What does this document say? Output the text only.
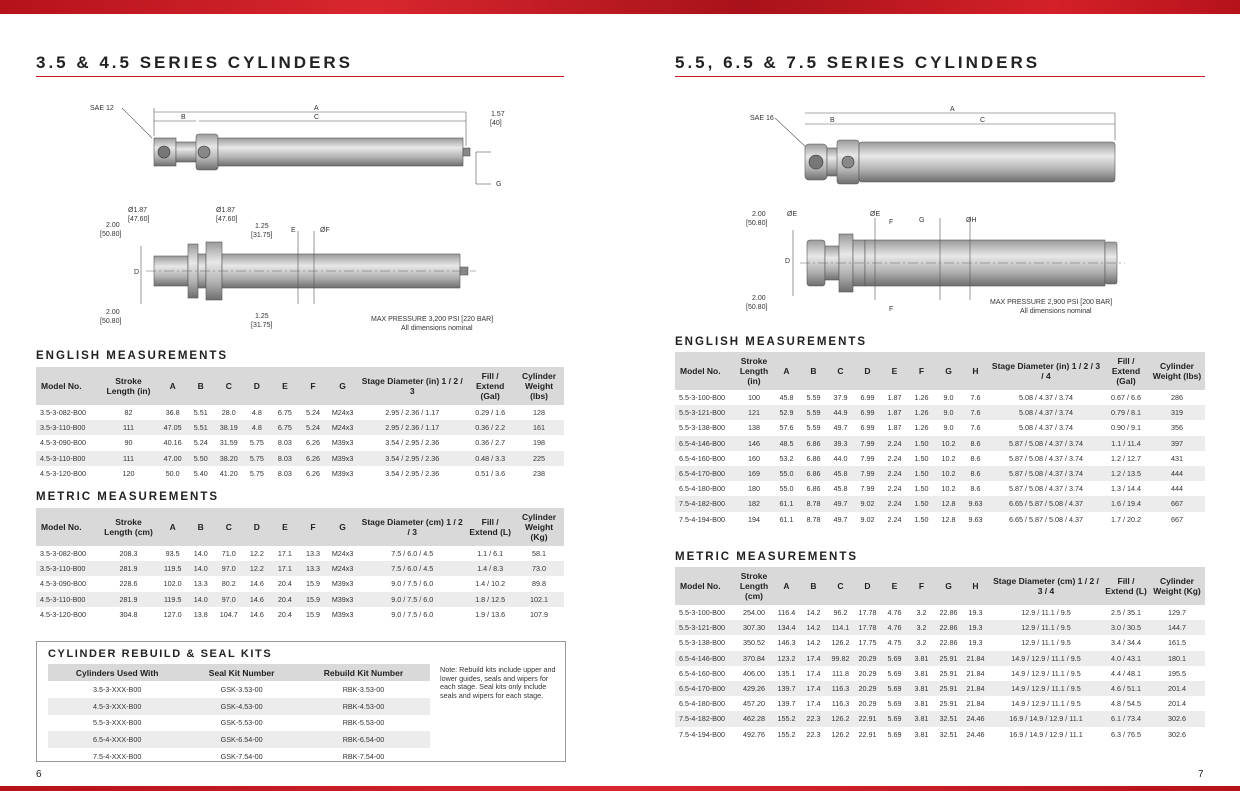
3.5 & 4.5 SERIES CYLINDERS
SAE 12	A
B	C	1.57
[40]
G
Ø1.87
[47.60]
Ø1.87
[47.60]
1.25
[31.75]
E	ØF
2.00
[50.80]
D
2.00
[50.80]
1.25
[31.75]
MAX PRESSURE 3,200 PSI [220 BAR]
All dimensions nominal
ENGLISH MEASUREMENTS
Model No.	Stroke Length (in)	A	B	C	D	E	F	G	Stage Diameter (in) 1 / 2 / 3	Fill / Extend (Gal)	Cylinder Weight (lbs)
3.5-3-082-B00	82	36.8	5.51	28.0	4.8	6.75	5.24	M24x3	2.95 / 2.36 / 1.17	0.29 / 1.6	128
3.5-3-110-B00	111	47.05	5.51	38.19	4.8	6.75	5.24	M24x3	2.95 / 2.36 / 1.17	0.36 / 2.2	161
4.5-3-090-B00	90	40.16	5.24	31.59	5.75	8.03	6.26	M39x3	3.54 / 2.95 / 2.36	0.36 / 2.7	198
4.5-3-110-B00	111	47.00	5.50	38.20	5.75	8.03	6.26	M39x3	3.54 / 2.95 / 2.36	0.48 / 3.3	225
4.5-3-120-B00	120	50.0	5.40	41.20	5.75	8.03	6.26	M39x3	3.54 / 2.95 / 2.36	0.51 / 3.6	238
METRIC MEASUREMENTS
Model No.	Stroke Length (cm)	A	B	C	D	E	F	G	Stage Diameter (cm) 1 / 2 / 3	Fill / Extend (L)	Cylinder Weight (Kg)
3.5-3-082-B00	208.3	93.5	14.0	71.0	12.2	17.1	13.3	M24x3	7.5 / 6.0 / 4.5	1.1 / 6.1	58.1
3.5-3-110-B00	281.9	119.5	14.0	97.0	12.2	17.1	13.3	M24x3	7.5 / 6.0 / 4.5	1.4 / 8.3	73.0
4.5-3-090-B00	228.6	102.0	13.3	80.2	14.6	20.4	15.9	M39x3	9.0 / 7.5 / 6.0	1.4 / 10.2	89.8
4.5-3-110-B00	281.9	119.5	14.0	97.0	14.6	20.4	15.9	M39x3	9.0 / 7.5 / 6.0	1.8 / 12.5	102.1
4.5-3-120-B00	304.8	127.0	13.8	104.7	14.6	20.4	15.9	M39x3	9.0 / 7.5 / 6.0	1.9 / 13.6	107.9
CYLINDER REBUILD & SEAL KITS
Cylinders Used With	Seal Kit Number	Rebuild Kit Number
3.5-3-XXX-B00	GSK-3.53-00	RBK-3.53-00
4.5-3-XXX-B00	GSK-4.53-00	RBK-4.53-00
5.5-3-XXX-B00	GSK-5.53-00	RBK-5.53-00
6.5-4-XXX-B00	GSK-6.54-00	RBK-6.54-00
7.5-4-XXX-B00	GSK-7.54-00	RBK-7.54-00
Note: Rebuild kits include upper and lower guides, seals and wipers for each stage. Seal kits only include seals and wipers for each stage.
6
5.5, 6.5 & 7.5 SERIES CYLINDERS
SAE 16
A
B	C
2.00
[50.80]
ØE	ØE
F	G	ØH
D
2.00
[50.80]	F
MAX PRESSURE 2,900 PSI [200 BAR]
All dimensions nominal
ENGLISH MEASUREMENTS
Model No.	Stroke Length (in)	A	B	C	D	E	F	G	H	Stage Diameter (in) 1 / 2 / 3 / 4	Fill / Extend (Gal)	Cylinder Weight (lbs)
5.5-3-100-B00	100	45.8	5.59	37.9	6.99	1.87	1.26	9.0	7.6	5.08 / 4.37 / 3.74	0.67 / 6.6	286
5.5-3-121-B00	121	52.9	5.59	44.9	6.99	1.87	1.26	9.0	7.6	5.08 / 4.37 / 3.74	0.79 / 8.1	319
5.5-3-138-B00	138	57.6	5.59	49.7	6.99	1.87	1.26	9.0	7.6	5.08 / 4.37 / 3.74	0.90 / 9.1	356
6.5-4-146-B00	146	48.5	6.86	39.3	7.99	2.24	1.50	10.2	8.6	5.87 / 5.08 / 4.37 / 3.74	1.1 / 11.4	397
6.5-4-160-B00	160	53.2	6.86	44.0	7.99	2.24	1.50	10.2	8.6	5.87 / 5.08 / 4.37 / 3.74	1.2 / 12.7	431
6.5-4-170-B00	169	55.0	6.86	45.8	7.99	2.24	1.50	10.2	8.6	5.87 / 5.08 / 4.37 / 3.74	1.2 / 13.5	444
6.5-4-180-B00	180	55.0	6.86	45.8	7.99	2.24	1.50	10.2	8.6	5.87 / 5.08 / 4.37 / 3.74	1.3 / 14.4	444
7.5-4-182-B00	182	61.1	8.78	49.7	9.02	2.24	1.50	12.8	9.63	6.65 / 5.87 / 5.08 / 4.37	1.6 / 19.4	667
7.5-4-194-B00	194	61.1	8.78	49.7	9.02	2.24	1.50	12.8	9.63	6.65 / 5.87 / 5.08 / 4.37	1.7 / 20.2	667
METRIC MEASUREMENTS
Model No.	Stroke Length (cm)	A	B	C	D	E	F	G	H	Stage Diameter (cm) 1 / 2 / 3 / 4	Fill / Extend (L)	Cylinder Weight (Kg)
5.5-3-100-B00	254.00	116.4	14.2	96.2	17.78	4.76	3.2	22.86	19.3	12.9 / 11.1 / 9.5	2.5 / 35.1	129.7
5.5-3-121-B00	307.30	134.4	14.2	114.1	17.78	4.76	3.2	22.86	19.3	12.9 / 11.1 / 9.5	3.0 / 30.5	144.7
5.5-3-138-B00	350.52	146.3	14.2	126.2	17.75	4.75	3.2	22.86	19.3	12.9 / 11.1 / 9.5	3.4 / 34.4	161.5
6.5-4-146-B00	370.84	123.2	17.4	99.82	20.29	5.69	3.81	25.91	21.84	14.9 / 12.9 / 11.1 / 9.5	4.0 / 43.1	180.1
6.5-4-160-B00	406.00	135.1	17.4	111.8	20.29	5.69	3.81	25.91	21.84	14.9 / 12.9 / 11.1 / 9.5	4.4 / 48.1	195.5
6.5-4-170-B00	429.26	139.7	17.4	116.3	20.29	5.69	3.81	25.91	21.84	14.9 / 12.9 / 11.1 / 9.5	4.6 / 51.1	201.4
6.5-4-180-B00	457.20	139.7	17.4	116.3	20.29	5.69	3.81	25.91	21.84	14.9 / 12.9 / 11.1 / 9.5	4.8 / 54.5	201.4
7.5-4-182-B00	462.28	155.2	22.3	126.2	22.91	5.69	3.81	32.51	24.46	16.9 / 14.9 / 12.9 / 11.1	6.1 / 73.4	302.6
7.5-4-194-B00	492.76	155.2	22.3	126.2	22.91	5.69	3.81	32.51	24.46	16.9 / 14.9 / 12.9 / 11.1	6.3 / 76.5	302.6
7
